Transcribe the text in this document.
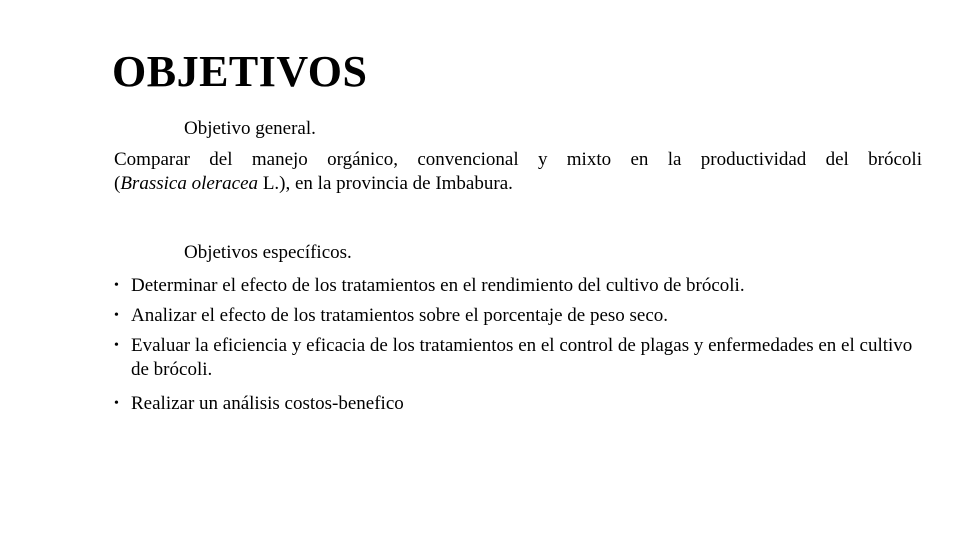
OBJETIVOS
Objetivo general.
Comparar del manejo orgánico, convencional y mixto en la productividad del brócoli
(Brassica oleracea L.), en la provincia de Imbabura.
Objetivos específicos.
• Determinar el efecto de los tratamientos en el rendimiento del cultivo de brócoli.
• Analizar el efecto de los tratamientos sobre el porcentaje de peso seco.
• Evaluar la eficiencia y eficacia de los tratamientos en el control de plagas y enfermedades en el cultivo de brócoli.
• Realizar un análisis costos-benefico
